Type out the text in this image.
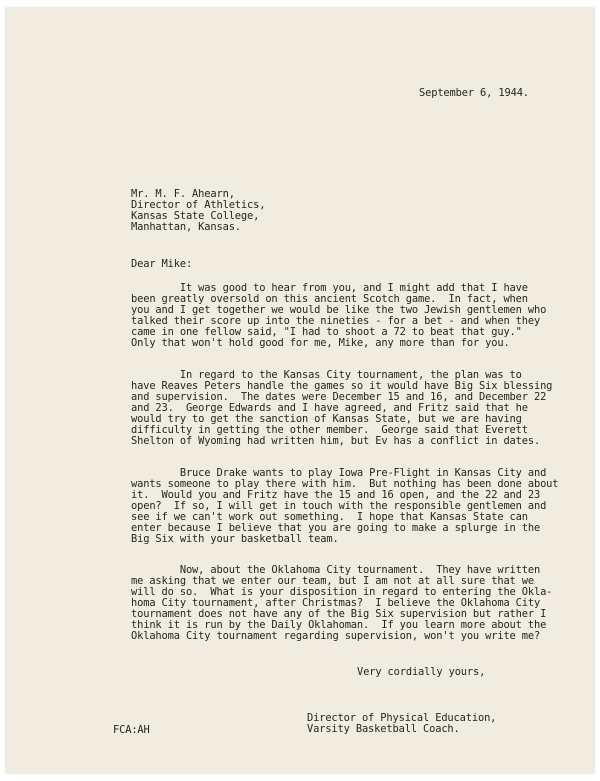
September 6, 1944.
Mr. M. F. Ahearn,
Director of Athletics,
Kansas State College,
Manhattan, Kansas.
Dear Mike:
It was good to hear from you, and I might add that I have
been greatly oversold on this ancient Scotch game.  In fact, when
you and I get together we would be like the two Jewish gentlemen who
talked their score up into the nineties - for a bet - and when they
came in one fellow said, "I had to shoot a 72 to beat that guy."
Only that won't hold good for me, Mike, any more than for you.
In regard to the Kansas City tournament, the plan was to
have Reaves Peters handle the games so it would have Big Six blessing
and supervision.  The dates were December 15 and 16, and December 22
and 23.  George Edwards and I have agreed, and Fritz said that he
would try to get the sanction of Kansas State, but we are having
difficulty in getting the other member.  George said that Everett
Shelton of Wyoming had written him, but Ev has a conflict in dates.
Bruce Drake wants to play Iowa Pre-Flight in Kansas City and
wants someone to play there with him.  But nothing has been done about
it.  Would you and Fritz have the 15 and 16 open, and the 22 and 23
open?  If so, I will get in touch with the responsible gentlemen and
see if we can't work out something.  I hope that Kansas State can
enter because I believe that you are going to make a splurge in the
Big Six with your basketball team.
Now, about the Oklahoma City tournament.  They have written
me asking that we enter our team, but I am not at all sure that we
will do so.  What is your disposition in regard to entering the Okla-
homa City tournament, after Christmas?  I believe the Oklahoma City
tournament does not have any of the Big Six supervision but rather I
think it is run by the Daily Oklahoman.  If you learn more about the
Oklahoma City tournament regarding supervision, won't you write me?
Very cordially yours,
FCA:AH
Director of Physical Education,
Varsity Basketball Coach.
